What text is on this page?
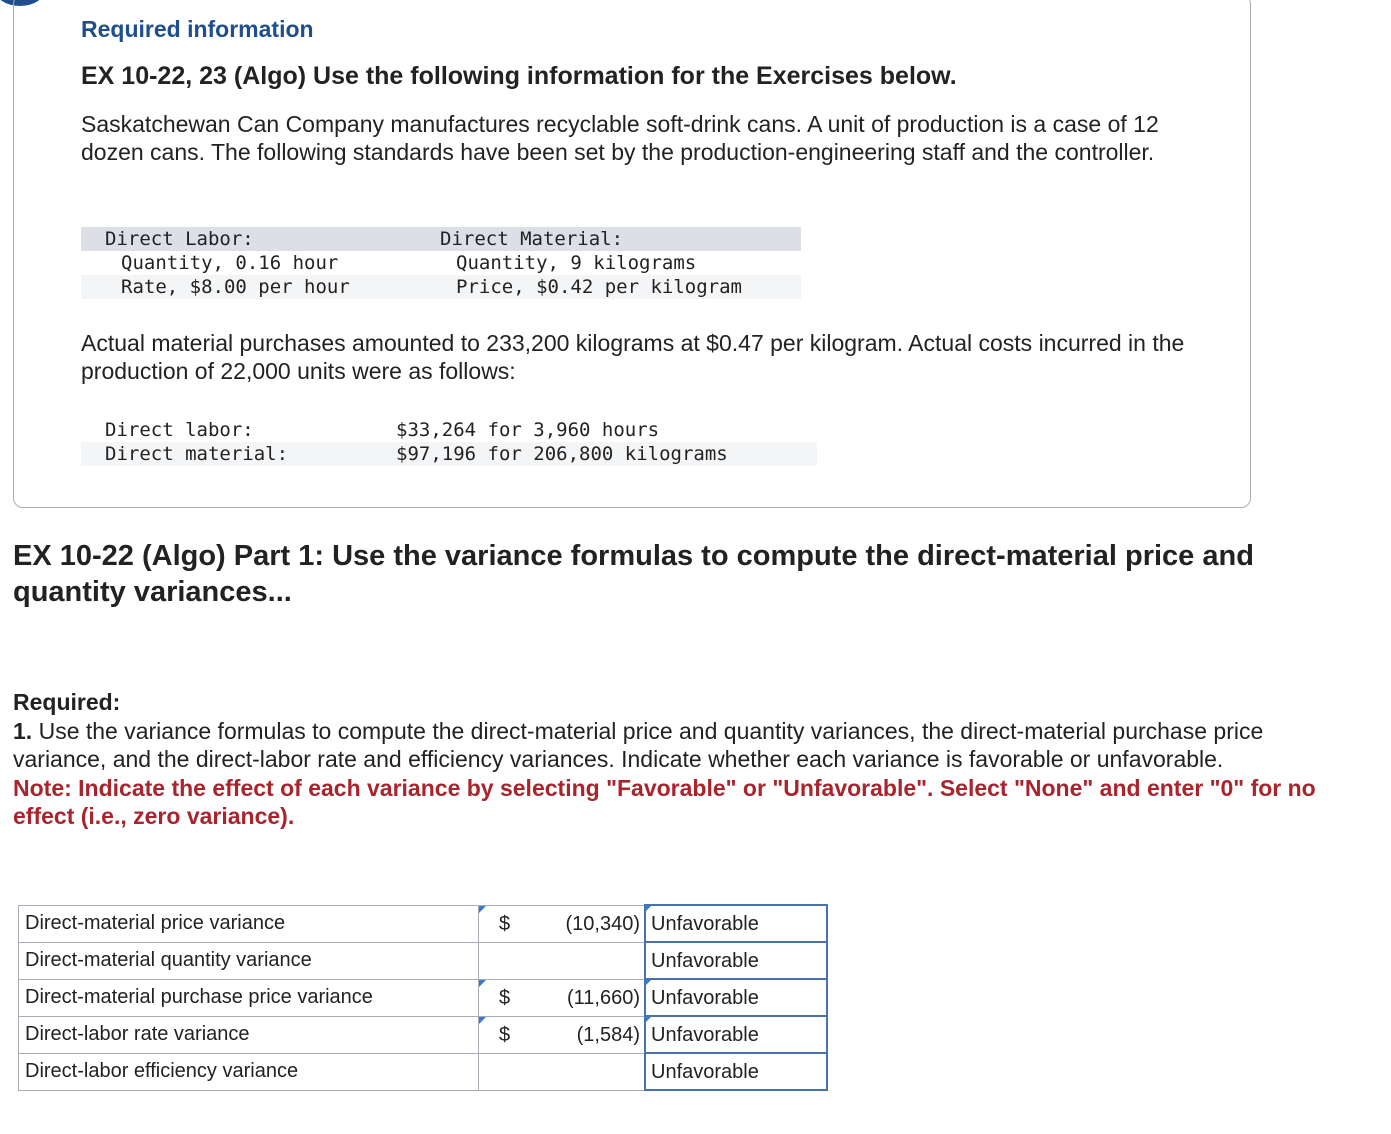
Required information
EX 10-22, 23 (Algo) Use the following information for the Exercises below.
Saskatchewan Can Company manufactures recyclable soft-drink cans. A unit of production is a case of 12 dozen cans. The following standards have been set by the production-engineering staff and the controller.
Direct Labor:	Direct Material:
Quantity, 0.16 hour	Quantity, 9 kilograms
Rate, $8.00 per hour	Price, $0.42 per kilogram
Actual material purchases amounted to 233,200 kilograms at $0.47 per kilogram. Actual costs incurred in the production of 22,000 units were as follows:
Direct labor:	$33,264 for 3,960 hours
Direct material:	$97,196 for 206,800 kilograms
EX 10-22 (Algo) Part 1: Use the variance formulas to compute the direct-material price and quantity variances...
Required:
1. Use the variance formulas to compute the direct-material price and quantity variances, the direct-material purchase price variance, and the direct-labor rate and efficiency variances. Indicate whether each variance is favorable or unfavorable.
Note: Indicate the effect of each variance by selecting "Favorable" or "Unfavorable". Select "None" and enter "0" for no effect (i.e., zero variance).
Direct-material price variance	$ (10,340)	Unfavorable

Direct-material quantity variance		Unfavorable

Direct-material purchase price variance	$ (11,660)	Unfavorable

Direct-labor rate variance	$ (1,584)	Unfavorable

Direct-labor efficiency variance		Unfavorable
